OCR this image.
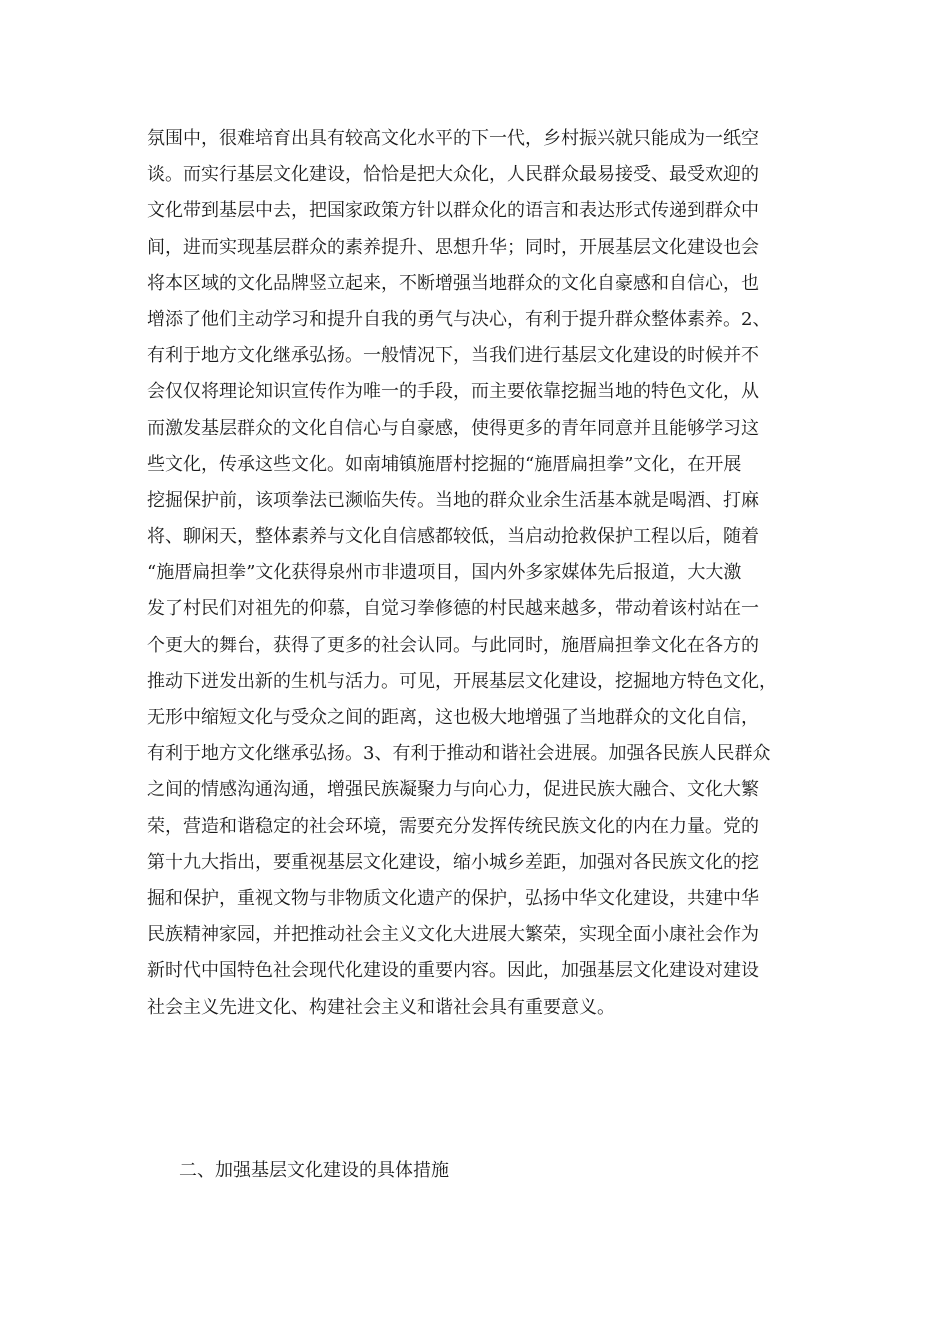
氛围中，很难培育出具有较高文化水平的下一代，乡村振兴就只能成为一纸空
谈。而实行基层文化建设，恰恰是把大众化，人民群众最易接受、最受欢迎的
文化带到基层中去，把国家政策方针以群众化的语言和表达形式传递到群众中
间，进而实现基层群众的素养提升、思想升华；同时，开展基层文化建设也会
将本区域的文化品牌竖立起来，不断增强当地群众的文化自豪感和自信心，也
增添了他们主动学习和提升自我的勇气与决心，有利于提升群众整体素养。2、
有利于地方文化继承弘扬。一般情况下，当我们进行基层文化建设的时候并不
会仅仅将理论知识宣传作为唯一的手段，而主要依靠挖掘当地的特色文化，从
而激发基层群众的文化自信心与自豪感，使得更多的青年同意并且能够学习这
些文化，传承这些文化。如南埔镇施厝村挖掘的“施厝扁担拳”文化，在开展
挖掘保护前，该项拳法已濒临失传。当地的群众业余生活基本就是喝酒、打麻
将、聊闲天，整体素养与文化自信感都较低，当启动抢救保护工程以后，随着
“施厝扁担拳”文化获得泉州市非遗项目，国内外多家媒体先后报道，大大激
发了村民们对祖先的仰慕，自觉习拳修德的村民越来越多，带动着该村站在一
个更大的舞台，获得了更多的社会认同。与此同时，施厝扁担拳文化在各方的
推动下迸发出新的生机与活力。可见，开展基层文化建设，挖掘地方特色文化，
无形中缩短文化与受众之间的距离，这也极大地增强了当地群众的文化自信，
有利于地方文化继承弘扬。3、有利于推动和谐社会进展。加强各民族人民群众
之间的情感沟通沟通，增强民族凝聚力与向心力，促进民族大融合、文化大繁
荣，营造和谐稳定的社会环境，需要充分发挥传统民族文化的内在力量。党的
第十九大指出，要重视基层文化建设，缩小城乡差距，加强对各民族文化的挖
掘和保护，重视文物与非物质文化遗产的保护，弘扬中华文化建设，共建中华
民族精神家园，并把推动社会主义文化大进展大繁荣，实现全面小康社会作为
新时代中国特色社会现代化建设的重要内容。因此，加强基层文化建设对建设
社会主义先进文化、构建社会主义和谐社会具有重要意义。
二、加强基层文化建设的具体措施
